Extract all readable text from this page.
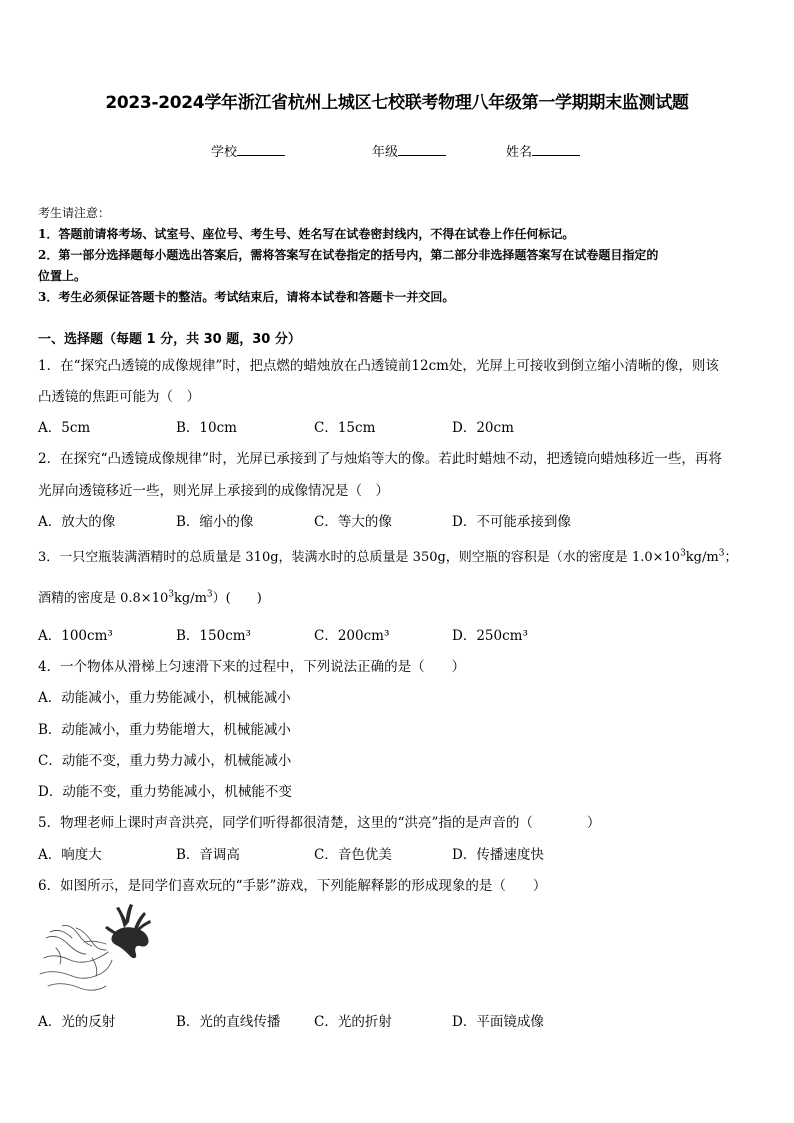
2023-2024学年浙江省杭州上城区七校联考物理八年级第一学期期末监测试题
学校	年级	姓名
考生请注意：
1．答题前请将考场、试室号、座位号、考生号、姓名写在试卷密封线内，不得在试卷上作任何标记。
2．第一部分选择题每小题选出答案后，需将答案写在试卷指定的括号内，第二部分非选择题答案写在试卷题目指定的
位置上。
3．考生必须保证答题卡的整洁。考试结束后，请将本试卷和答题卡一并交回。
一、选择题（每题 1 分，共 30 题，30 分）
1．在“探究凸透镜的成像规律”时，把点燃的蜡烛放在凸透镜前12cm处，光屏上可接收到倒立缩小清晰的像，则该
凸透镜的焦距可能为（　）
A．5cm	B．10cm	C．15cm	D．20cm
2．在探究“凸透镜成像规律”时，光屏已承接到了与烛焰等大的像。若此时蜡烛不动，把透镜向蜡烛移近一些，再将
光屏向透镜移近一些，则光屏上承接到的成像情况是（　）
A．放大的像	B．缩小的像	C．等大的像	D．不可能承接到像
3．一只空瓶装满酒精时的总质量是 310g，装满水时的总质量是 350g，则空瓶的容积是（水的密度是 $1.0\times 10^3kg/m^3$；
酒精的密度是 $0.8\times 10^3kg/m^3$）(　　)
A．100cm³	B．150cm³	C．200cm³	D．250cm³
4．一个物体从滑梯上匀速滑下来的过程中，下列说法正确的是（　　）
A．动能减小，重力势能减小，机械能减小
B．动能减小，重力势能增大，机械能减小
C．动能不变，重力势力减小，机械能减小
D．动能不变，重力势能减小，机械能不变
5．物理老师上课时声音洪亮，同学们听得都很清楚，这里的“洪亮”指的是声音的（　　　　）
A．响度大	B．音调高	C．音色优美	D．传播速度快
6．如图所示，是同学们喜欢玩的“手影”游戏，下列能解释影的形成现象的是（　　）
A．光的反射	B．光的直线传播 C．光的折射	D．平面镜成像
